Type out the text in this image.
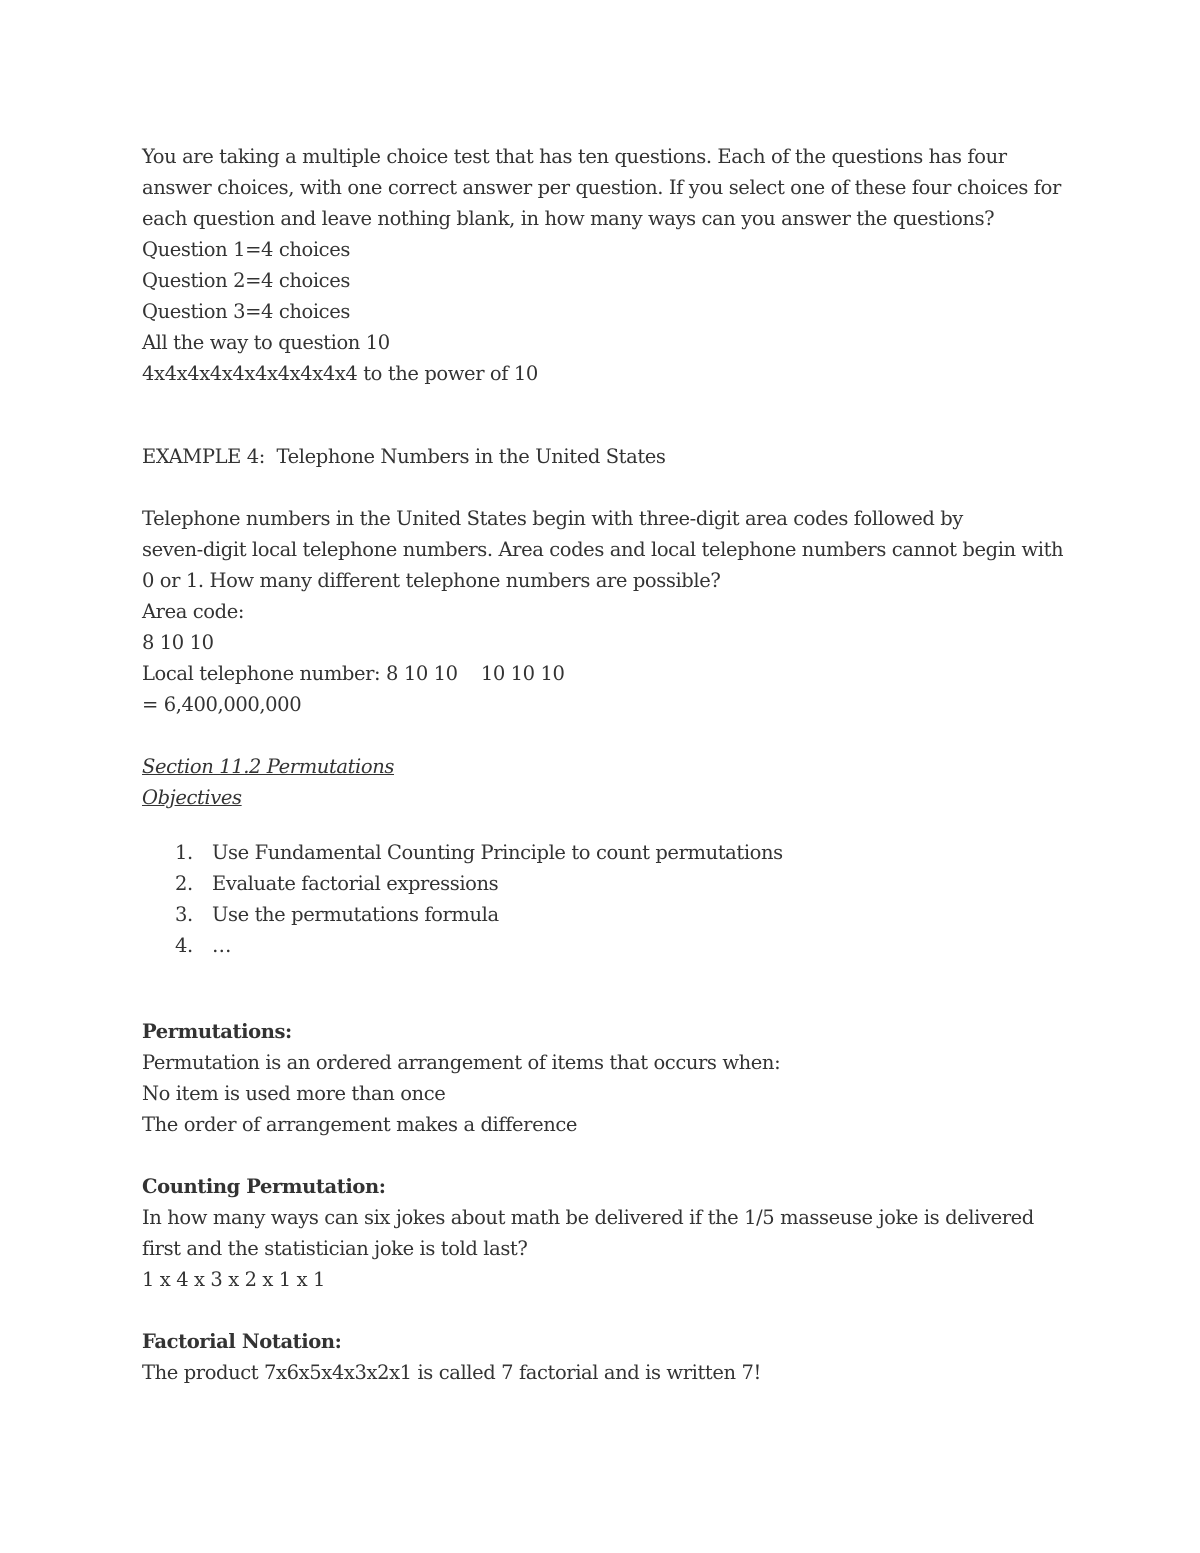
You are taking a multiple choice test that has ten questions. Each of the questions has four
answer choices, with one correct answer per question. If you select one of these four choices for
each question and leave nothing blank, in how many ways can you answer the questions?
Question 1=4 choices
Question 2=4 choices
Question 3=4 choices
All the way to question 10
4x4x4x4x4x4x4x4x4x4 to the power of 10
EXAMPLE 4:  Telephone Numbers in the United States
Telephone numbers in the United States begin with three-digit area codes followed by
seven-digit local telephone numbers. Area codes and local telephone numbers cannot begin with
0 or 1. How many different telephone numbers are possible?
Area code:
8 10 10
Local telephone number: 8 10 10    10 10 10
= 6,400,000,000
Section 11.2 Permutations
Objectives
1. Use Fundamental Counting Principle to count permutations
2. Evaluate factorial expressions
3. Use the permutations formula
4. …
Permutations:
Permutation is an ordered arrangement of items that occurs when:
No item is used more than once
The order of arrangement makes a difference
Counting Permutation:
In how many ways can six jokes about math be delivered if the 1/5 masseuse joke is delivered
first and the statistician joke is told last?
1 x 4 x 3 x 2 x 1 x 1
Factorial Notation:
The product 7x6x5x4x3x2x1 is called 7 factorial and is written 7!
